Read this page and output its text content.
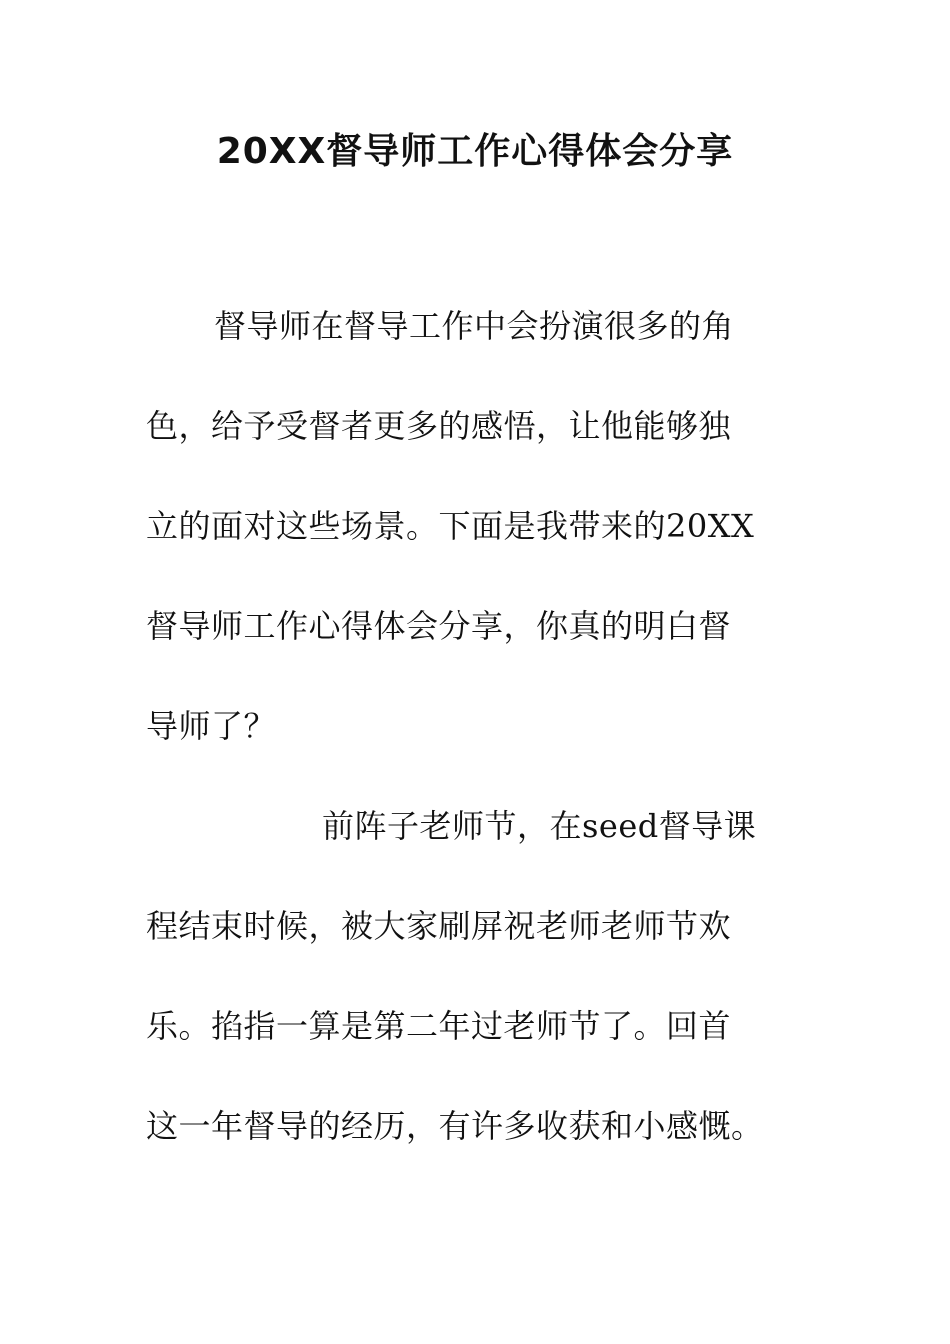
20XX督导师工作心得体会分享
督导师在督导工作中会扮演很多的角
色，给予受督者更多的感悟，让他能够独
立的面对这些场景。下面是我带来的20XX
督导师工作心得体会分享，你真的明白督
导师了？
前阵子老师节，在seed督导课
程结束时候，被大家刷屏祝老师老师节欢
乐。掐指一算是第二年过老师节了。回首
这一年督导的经历，有许多收获和小感慨。
